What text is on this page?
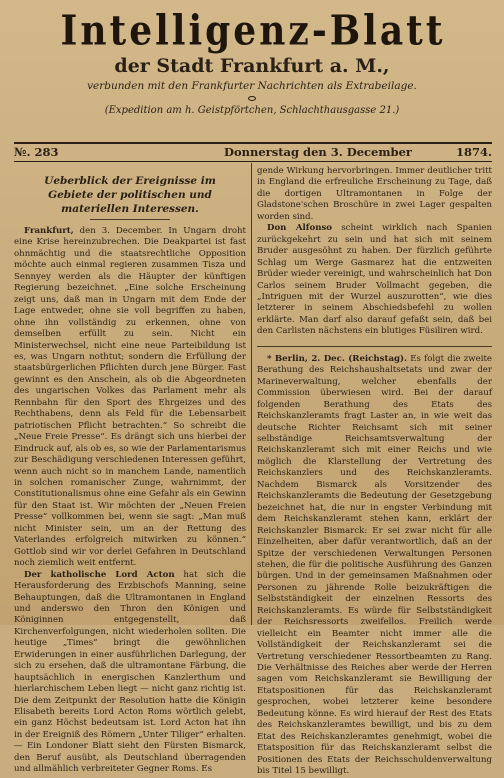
Intelligenz-Blatt
der Stadt Frankfurt a. M.,
verbunden mit den Frankfurter Nachrichten als Extrabeilage.
(Expedition am h. Geistpförtchen, Schlachthausgasse 21.)
№. 283	Donnerstag den 3. December	1874.
Ueberblick der Ereignisse im Gebiete der politischen und materiellen Interessen.

Frankfurt, den 3. December. In Ungarn droht eine Krise hereinzubrechen. Die Deakpartei ist fast ohnmächtig und die staatsrechtliche Opposition möchte auch einmal regieren zusammen Tisza und Sennyey werden als die Häupter der künftigen Regierung bezeichnet. „Eine solche Erscheinung zeigt uns, daß man in Ungarn mit dem Ende der Lage entweder, ohne sie voll begriffen zu haben, ohne ihn vollständig zu erkennen, ohne von demselben erfüllt zu sein. Nicht ein Ministerwechsel, nicht eine neue Parteibildung ist es, was Ungarn nothtut; sondern die Erfüllung der staatsbürgerlichen Pflichten durch jene Bürger. Fast gewinnt es den Anschein, als ob die Abgeordneten des ungarischen Volkes das Parlament mehr als Rennbahn für den Sport des Ehrgeizes und des Rechthabens, denn als Feld für die Lebensarbeit patriotischen Pflicht betrachten.“ So schreibt die „Neue Freie Presse“. Es drängt sich uns hierbei der Eindruck auf, als ob es, so wie der Parlamentarismus zur Beschädigung verschiedenen Interessen geführt, wenn auch nicht so in manchem Lande, namentlich in solchen romanischer Zunge, wahrnimmt, der Constitutionalismus ohne eine Gefahr als ein Gewinn für den Staat ist. Wir möchten der „Neuen Freien Presse“ vollkommen bei, wenn sie sagt: „Man muß nicht Minister sein, um an der Rettung des Vaterlandes erfolgreich mitwirken zu können.“ Gottlob sind wir vor derlei Gefahren in Deutschland noch ziemlich weit entfernt.

Der katholische Lord Acton hat sich die Herausforderung des Erzbischofs Manning, seine Behauptungen, daß die Ultramontanen in England und anderswo den Thron den Königen und Königinnen entgegenstellt, daß Kirchenverfolgungen, nicht wiederholen sollten. Die heutige „Times“ bringt die gewöhnlichen Erwiderungen in einer ausführlichen Darlegung, der sich zu ersehen, daß die ultramontane Färbung, die hauptsächlich in energischen Kanzlerthum und hierlarchischem Leben liegt — nicht ganz richtig ist. Die dem Zeitpunkt der Resolution hatte die Königin Elisabeth bereits Lord Acton Roms wörtlich gelebt, ein ganz Höchst bedeutsam ist. Lord Acton hat ihn in der Ereigniß des Römern „Unter Tiliger“ erhalten. — Ein Londoner Blatt sieht den Fürsten Bismarck, den Beruf ausübt, als Deutschland überragenden und allmählich verbreiteter Gegner Roms. Es

gende Wirkung hervorbringen. Immer deutlicher tritt in England die erfreuliche Erscheinung zu Tage, daß die dortigen Ultramontanen in Folge der Gladstone'schen Broschüre in zwei Lager gespalten worden sind.

Don Alfonso scheint wirklich nach Spanien zurückgekehrt zu sein und hat sich mit seinem Bruder ausgesöhnt zu haben. Der fürzlich geführte Schlag um Werge Gasmarez hat die entzweiten Brüder wieder vereinigt, und wahrscheinlich hat Don Carlos seinem Bruder Vollmacht gegeben, die „Intriguen mit der Wurzel auszurotten“, wie dies letzterer in seinem Abschiedsbefehl zu wollen erklärte. Man darf also darauf gefaßt sein, daß bei den Carlisten nächstens ein blutiges Füsiliren wird.

* Berlin, 2. Dec. (Reichstag). Es folgt die zweite Berathung des Reichshaushaltsetats und zwar der Marineverwaltung, welcher ebenfalls der Commission überwiesen wird. Bei der darauf folgenden Berathung des Etats des Reichskanzleramts fragt Laster an, in wie weit das deutsche Richter Reichsamt sich mit seiner selbständige Reichsamtsverwaltung der Reichskanzleramt sich mit einer Reichs und wie möglich die Klarstellung der Vertretung des Reichskanzlers und des Reichskanzleramts. Nachdem Bismarck als Vorsitzender des Reichskanzleramts die Bedeutung der Gesetzgebung bezeichnet hat, die nur in engster Verbindung mit dem Reichskanzleramt stehen kann, erklärt der Reichskanzler Bismarck: Er sei zwar nicht für alle Einzelheiten, aber dafür verantwortlich, daß an der Spitze der verschiedenen Verwaltungen Personen stehen, die für die politische Ausführung des Ganzen bürgen. Und in der gemeinsamen Maßnahmen oder Personen zu jährende Rolle beizukräftigen die Selbstständigkeit der einzelnen Ressorts des Reichskanzleramts. Es würde für Selbstständigkeit der Reichsressorts zweifellos. Freilich werde vielleicht ein Beamter nicht immer alle die Vollständigkeit der Reichskanzleramt sei die Vertretung verschiedener Ressortbeamten zu Rang. Die Verhältnisse des Reiches aber werde der Herren sagen vom Reichskanzleramt sie Bewilligung der Etatspositionen für das Reichskanzleramt gesprochen, wobei letzterer keine besondere Bedeutung könne. Es wird hierauf der Rest des Etats des Reichskanzleramtes bewilligt, und bis zu dem Etat des Reichskanzleramtes genehmigt, wobei die Etatsposition für das Reichskanzleramt selbst die Positionen des Etats der Reichsschuldenverwaltung bis Titel 15 bewilligt.
